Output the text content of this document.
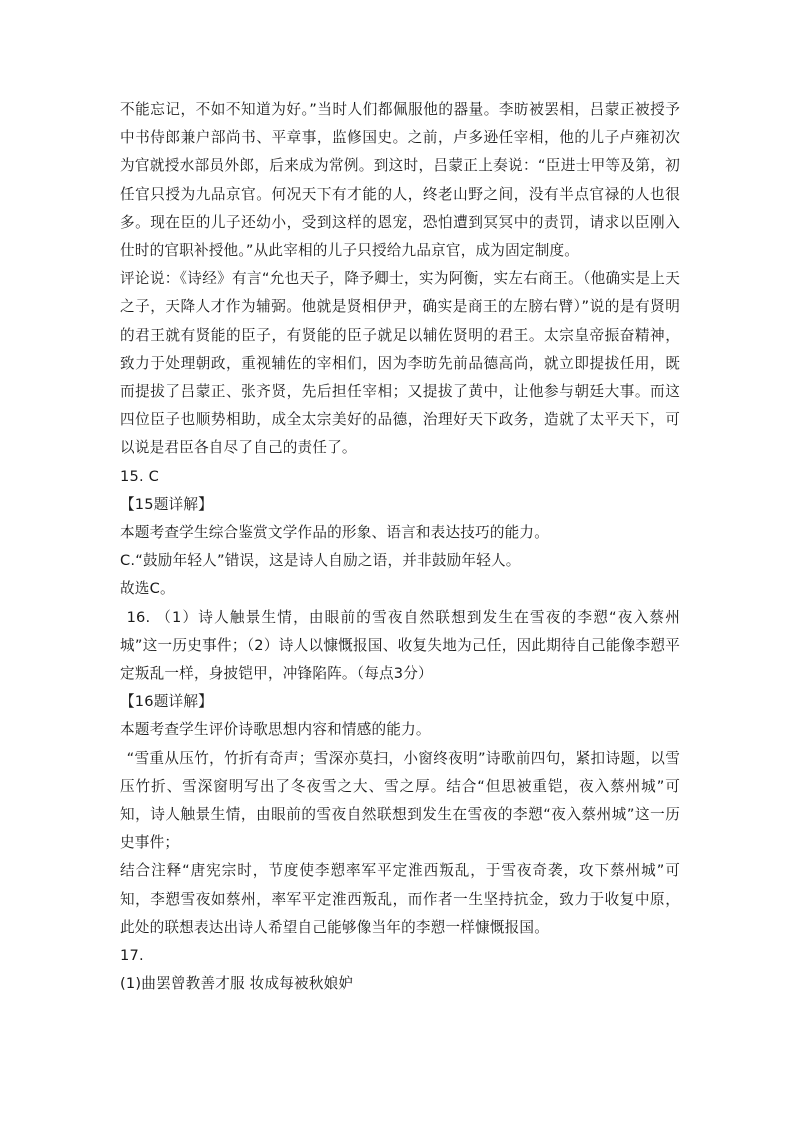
不能忘记，不如不知道为好。”当时人们都佩服他的器量。李昉被罢相，吕蒙正被授予中书侍郎兼户部尚书、平章事，监修国史。之前，卢多逊任宰相，他的儿子卢雍初次为官就授水部员外郎，后来成为常例。到这时，吕蒙正上奏说：“臣进士甲等及第，初任官只授为九品京官。何况天下有才能的人，终老山野之间，没有半点官禄的人也很多。现在臣的儿子还幼小，受到这样的恩宠，恐怕遭到冥冥中的责罚，请求以臣刚入仕时的官职补授他。”从此宰相的儿子只授给九品京官，成为固定制度。

评论说：《诗经》有言“允也天子，降予卿士，实为阿衡，实左右商王。（他确实是上天之子，天降人才作为辅弼。他就是贤相伊尹，确实是商王的左膀右臂）”说的是有贤明的君王就有贤能的臣子，有贤能的臣子就足以辅佐贤明的君王。太宗皇帝振奋精神，致力于处理朝政，重视辅佐的宰相们，因为李昉先前品德高尚，就立即提拔任用，既而提拔了吕蒙正、张齐贤，先后担任宰相；又提拔了黄中，让他参与朝廷大事。而这四位臣子也顺势相助，成全太宗美好的品德，治理好天下政务，造就了太平天下，可以说是君臣各自尽了自己的责任了。

15. C

【15题详解】

本题考查学生综合鉴赏文学作品的形象、语言和表达技巧的能力。

C.“鼓励年轻人”错误，这是诗人自励之语，并非鼓励年轻人。

故选C。

16. （1）诗人触景生情，由眼前的雪夜自然联想到发生在雪夜的李愬“夜入蔡州城”这一历史事件；（2）诗人以慷慨报国、收复失地为己任，因此期待自己能像李愬平定叛乱一样，身披铠甲，冲锋陷阵。（每点3分）

【16题详解】

本题考查学生评价诗歌思想内容和情感的能力。

“雪重从压竹，竹折有奇声；雪深亦莫扫，小窗终夜明”诗歌前四句，紧扣诗题，以雪压竹折、雪深窗明写出了冬夜雪之大、雪之厚。结合“但思被重铠，夜入蔡州城”可知，诗人触景生情，由眼前的雪夜自然联想到发生在雪夜的李愬“夜入蔡州城”这一历史事件；

结合注释“唐宪宗时，节度使李愬率军平定淮西叛乱，于雪夜奇袭，攻下蔡州城”可知，李愬雪夜如蔡州，率军平定淮西叛乱，而作者一生坚持抗金，致力于收复中原，此处的联想表达出诗人希望自己能够像当年的李愬一样慷慨报国。

17.

(1)曲罢曾教善才服 妆成每被秋娘妒
